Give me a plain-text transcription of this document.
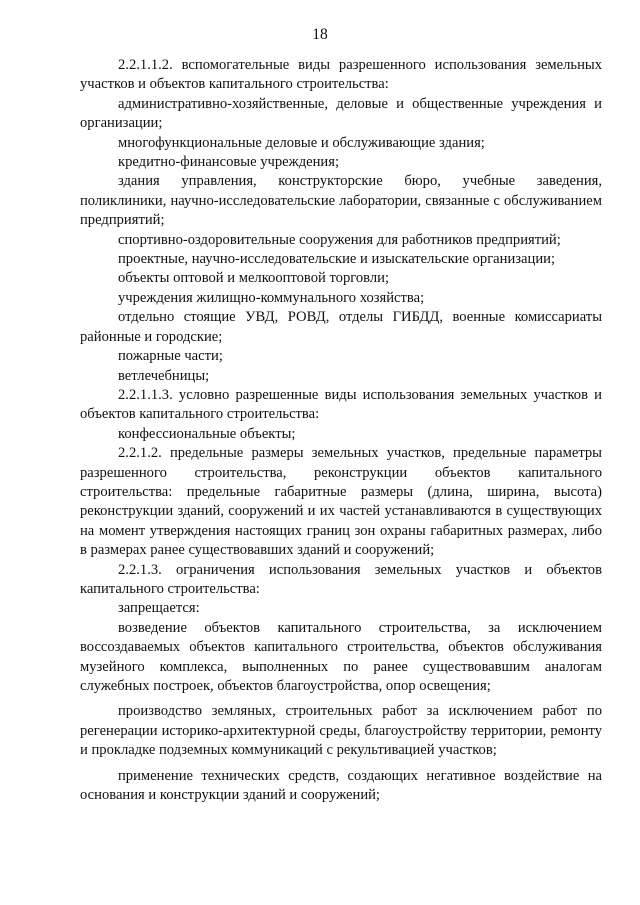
18

2.2.1.1.2. вспомогательные виды разрешенного использования земельных участков и объектов капитального строительства:

административно-хозяйственные, деловые и общественные учреждения и организации;

многофункциональные деловые и обслуживающие здания;

кредитно-финансовые учреждения;

здания управления, конструкторские бюро, учебные заведения, поликлиники, научно-исследовательские лаборатории, связанные с обслуживанием предприятий;

спортивно-оздоровительные сооружения для работников предприятий;

проектные, научно-исследовательские и изыскательские организации;

объекты оптовой и мелкооптовой торговли;

учреждения жилищно-коммунального хозяйства;

отдельно стоящие УВД, РОВД, отделы ГИБДД, военные комиссариаты районные и городские;

пожарные части;

ветлечебницы;

2.2.1.1.3. условно разрешенные виды использования земельных участков и объектов капитального строительства:

конфессиональные объекты;

2.2.1.2. предельные размеры земельных участков, предельные параметры разрешенного строительства, реконструкции объектов капитального строительства: предельные габаритные размеры (длина, ширина, высота) реконструкции зданий, сооружений и их частей устанавливаются в существующих на момент утверждения настоящих границ зон охраны габаритных размерах, либо в размерах ранее существовавших зданий и сооружений;

2.2.1.3. ограничения использования земельных участков и объектов капитального строительства:

запрещается:

возведение объектов капитального строительства, за исключением воссоздаваемых объектов капитального строительства, объектов обслуживания музейного комплекса, выполненных по ранее существовавшим аналогам служебных построек, объектов благоустройства, опор освещения;

производство земляных, строительных работ за исключением работ по регенерации историко-архитектурной среды, благоустройству территории, ремонту и прокладке подземных коммуникаций с рекультивацией участков;

применение технических средств, создающих негативное воздействие на основания и конструкции зданий и сооружений;
